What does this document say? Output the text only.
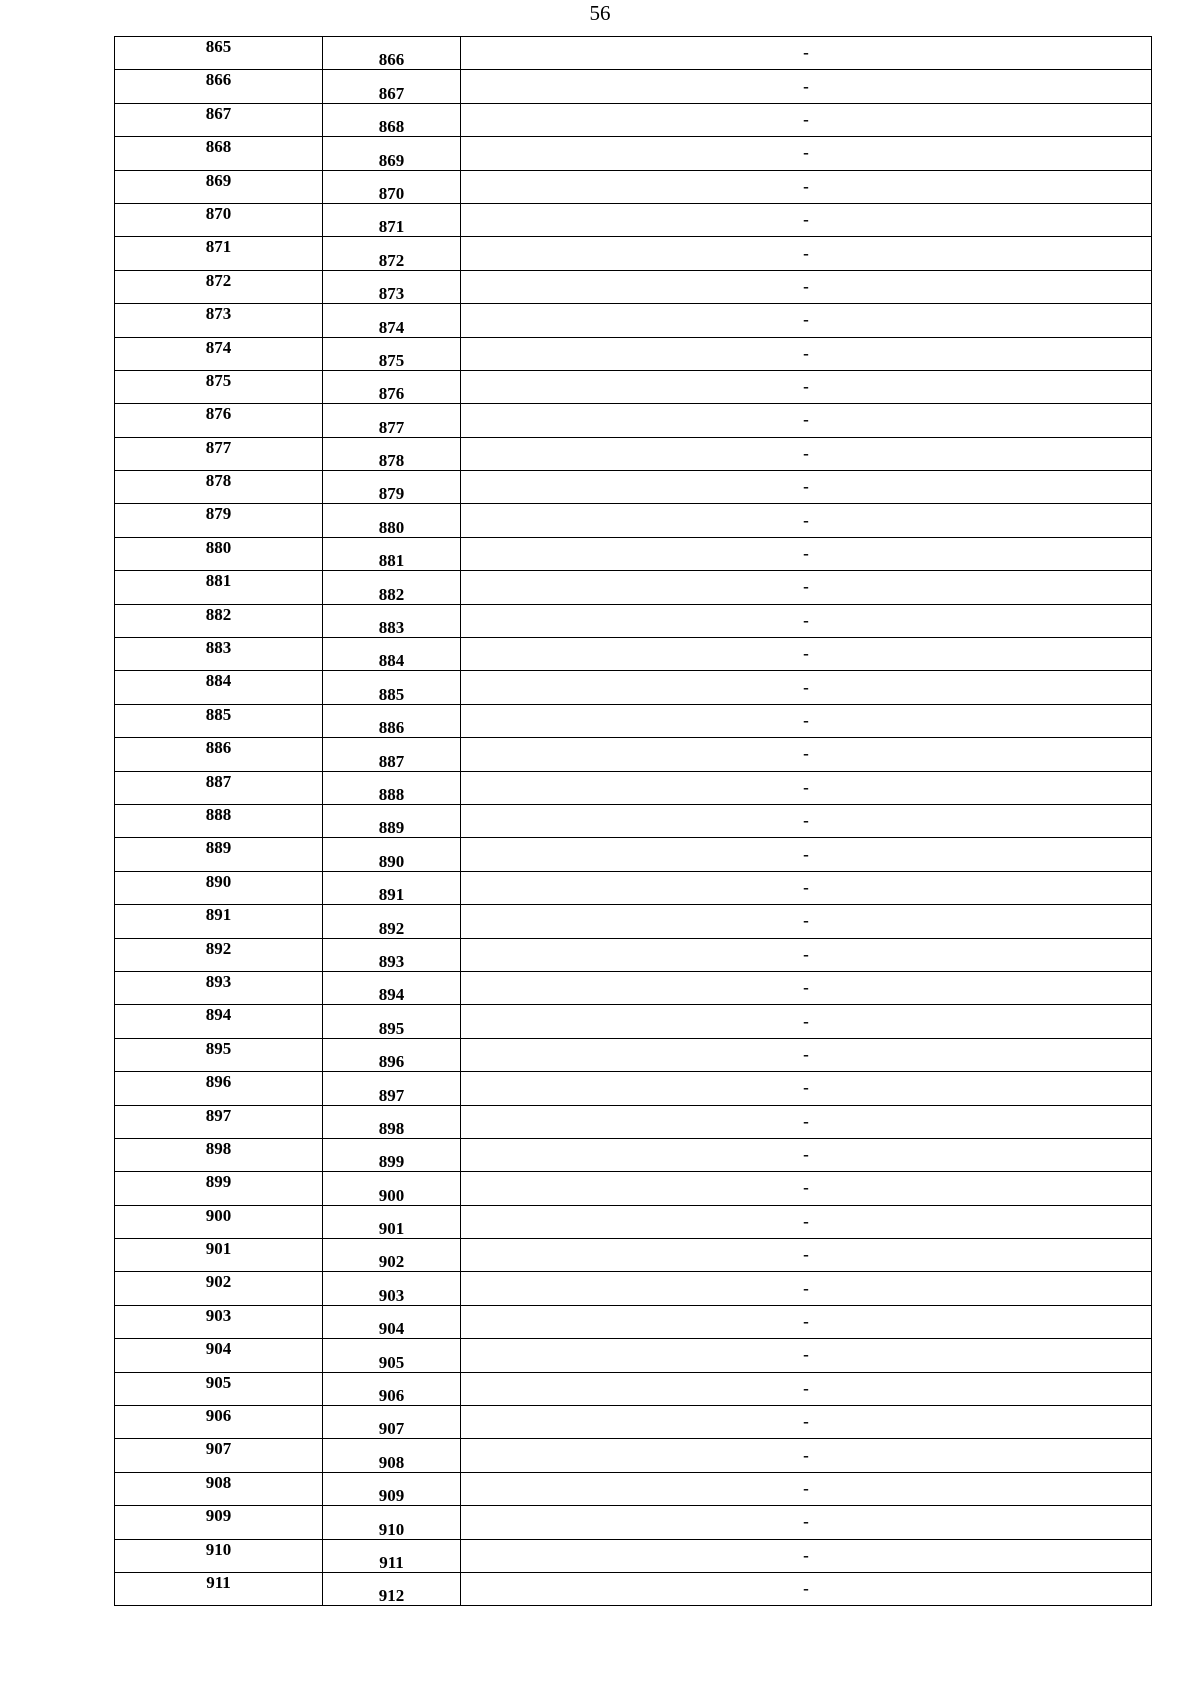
56
865	866	-
866	867	-
867	868	-
868	869	-
869	870	-
870	871	-
871	872	-
872	873	-
873	874	-
874	875	-
875	876	-
876	877	-
877	878	-
878	879	-
879	880	-
880	881	-
881	882	-
882	883	-
883	884	-
884	885	-
885	886	-
886	887	-
887	888	-
888	889	-
889	890	-
890	891	-
891	892	-
892	893	-
893	894	-
894	895	-
895	896	-
896	897	-
897	898	-
898	899	-
899	900	-
900	901	-
901	902	-
902	903	-
903	904	-
904	905	-
905	906	-
906	907	-
907	908	-
908	909	-
909	910	-
910	911	-
911	912	-
